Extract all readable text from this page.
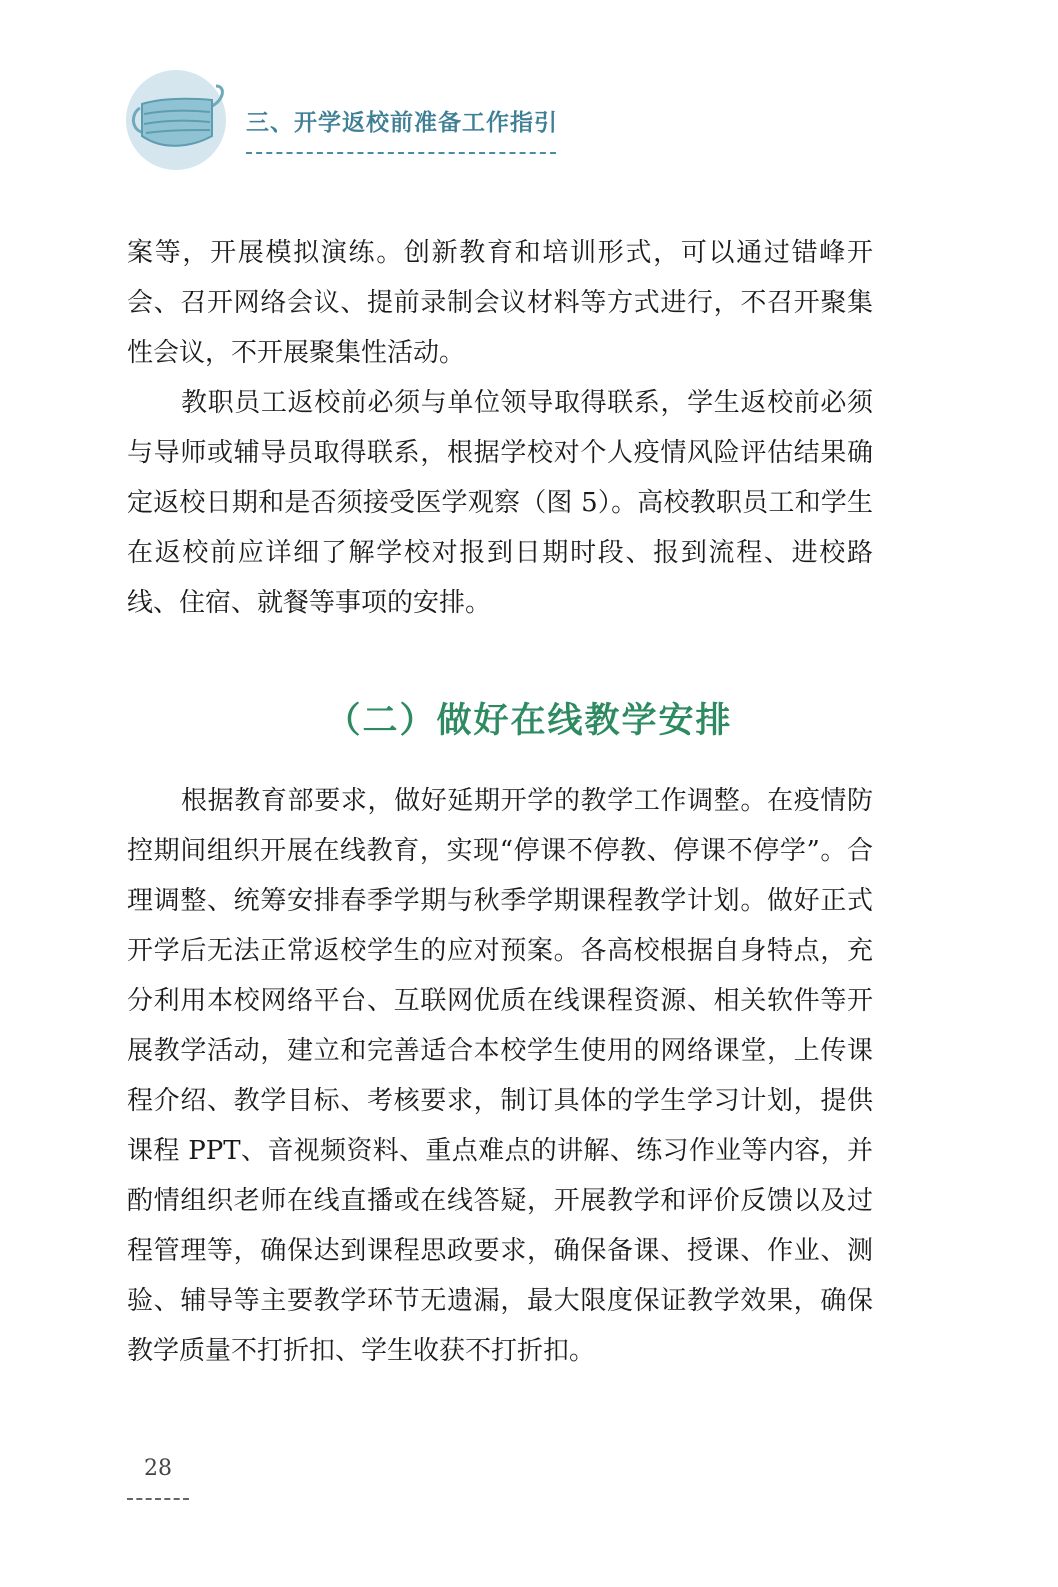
三、开学返校前准备工作指引

案等，开展模拟演练。创新教育和培训形式，可以通过错峰开会、召开网络会议、提前录制会议材料等方式进行，不召开聚集性会议，不开展聚集性活动。

教职员工返校前必须与单位领导取得联系，学生返校前必须与导师或辅导员取得联系，根据学校对个人疫情风险评估结果确定返校日期和是否须接受医学观察（图 5）。高校教职员工和学生在返校前应详细了解学校对报到日期时段、报到流程、进校路线、住宿、就餐等事项的安排。

（二）做好在线教学安排

根据教育部要求，做好延期开学的教学工作调整。在疫情防控期间组织开展在线教育，实现“停课不停教、停课不停学”。合理调整、统筹安排春季学期与秋季学期课程教学计划。做好正式开学后无法正常返校学生的应对预案。各高校根据自身特点，充分利用本校网络平台、互联网优质在线课程资源、相关软件等开展教学活动，建立和完善适合本校学生使用的网络课堂，上传课程介绍、教学目标、考核要求，制订具体的学生学习计划，提供课程 PPT、音视频资料、重点难点的讲解、练习作业等内容，并酌情组织老师在线直播或在线答疑，开展教学和评价反馈以及过程管理等，确保达到课程思政要求，确保备课、授课、作业、测验、辅导等主要教学环节无遗漏，最大限度保证教学效果，确保教学质量不打折扣、学生收获不打折扣。

28
